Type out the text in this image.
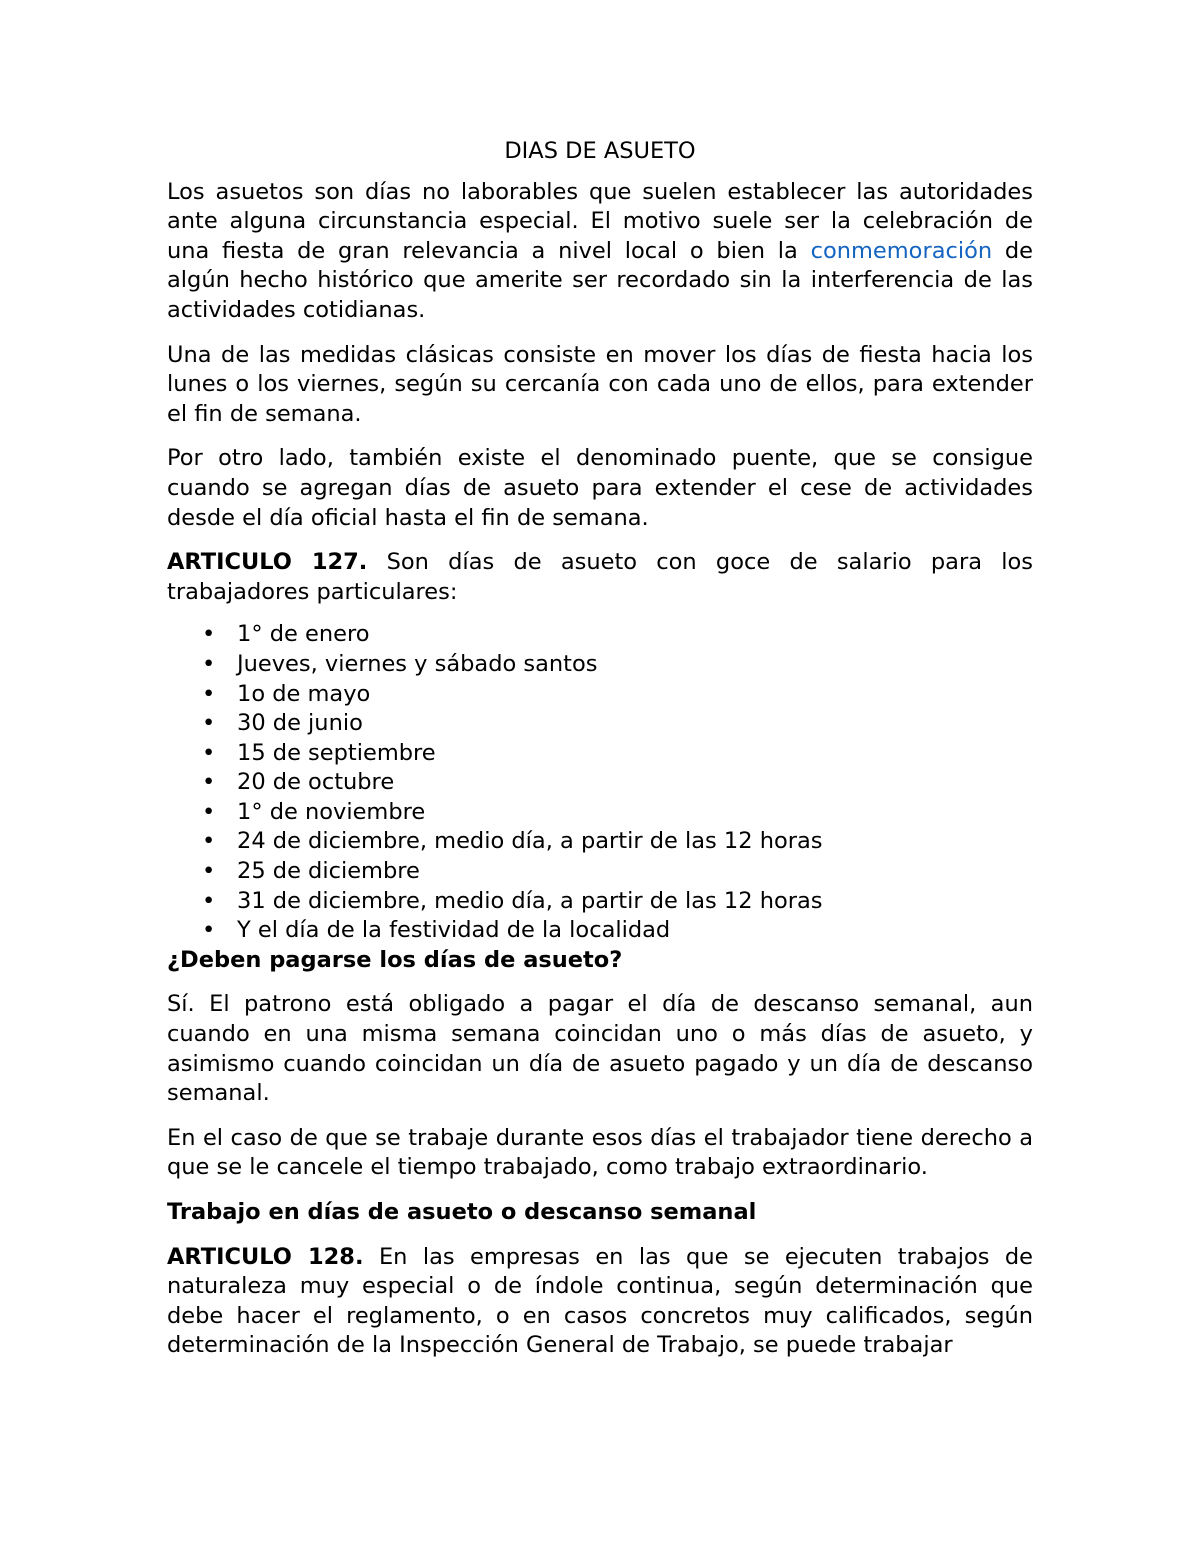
DIAS DE ASUETO

Los asuetos son días no laborables que suelen establecer las autoridades ante alguna circunstancia especial. El motivo suele ser la celebración de una fiesta de gran relevancia a nivel local o bien la conmemoración de algún hecho histórico que amerite ser recordado sin la interferencia de las actividades cotidianas.

Una de las medidas clásicas consiste en mover los días de fiesta hacia los lunes o los viernes, según su cercanía con cada uno de ellos, para extender el fin de semana.

Por otro lado, también existe el denominado puente, que se consigue cuando se agregan días de asueto para extender el cese de actividades desde el día oficial hasta el fin de semana.

ARTICULO 127. Son días de asueto con goce de salario para los trabajadores particulares:

• 1° de enero
• Jueves, viernes y sábado santos
• 1o de mayo
• 30 de junio
• 15 de septiembre
• 20 de octubre
• 1° de noviembre
• 24 de diciembre, medio día, a partir de las 12 horas
• 25 de diciembre
• 31 de diciembre, medio día, a partir de las 12 horas
• Y el día de la festividad de la localidad
¿Deben pagarse los días de asueto?

Sí. El patrono está obligado a pagar el día de descanso semanal, aun cuando en una misma semana coincidan uno o más días de asueto, y asimismo cuando coincidan un día de asueto pagado y un día de descanso semanal.

En el caso de que se trabaje durante esos días el trabajador tiene derecho a que se le cancele el tiempo trabajado, como trabajo extraordinario.

Trabajo en días de asueto o descanso semanal

ARTICULO 128. En las empresas en las que se ejecuten trabajos de naturaleza muy especial o de índole continua, según determinación que debe hacer el reglamento, o en casos concretos muy calificados, según determinación de la Inspección General de Trabajo, se puede trabajar
